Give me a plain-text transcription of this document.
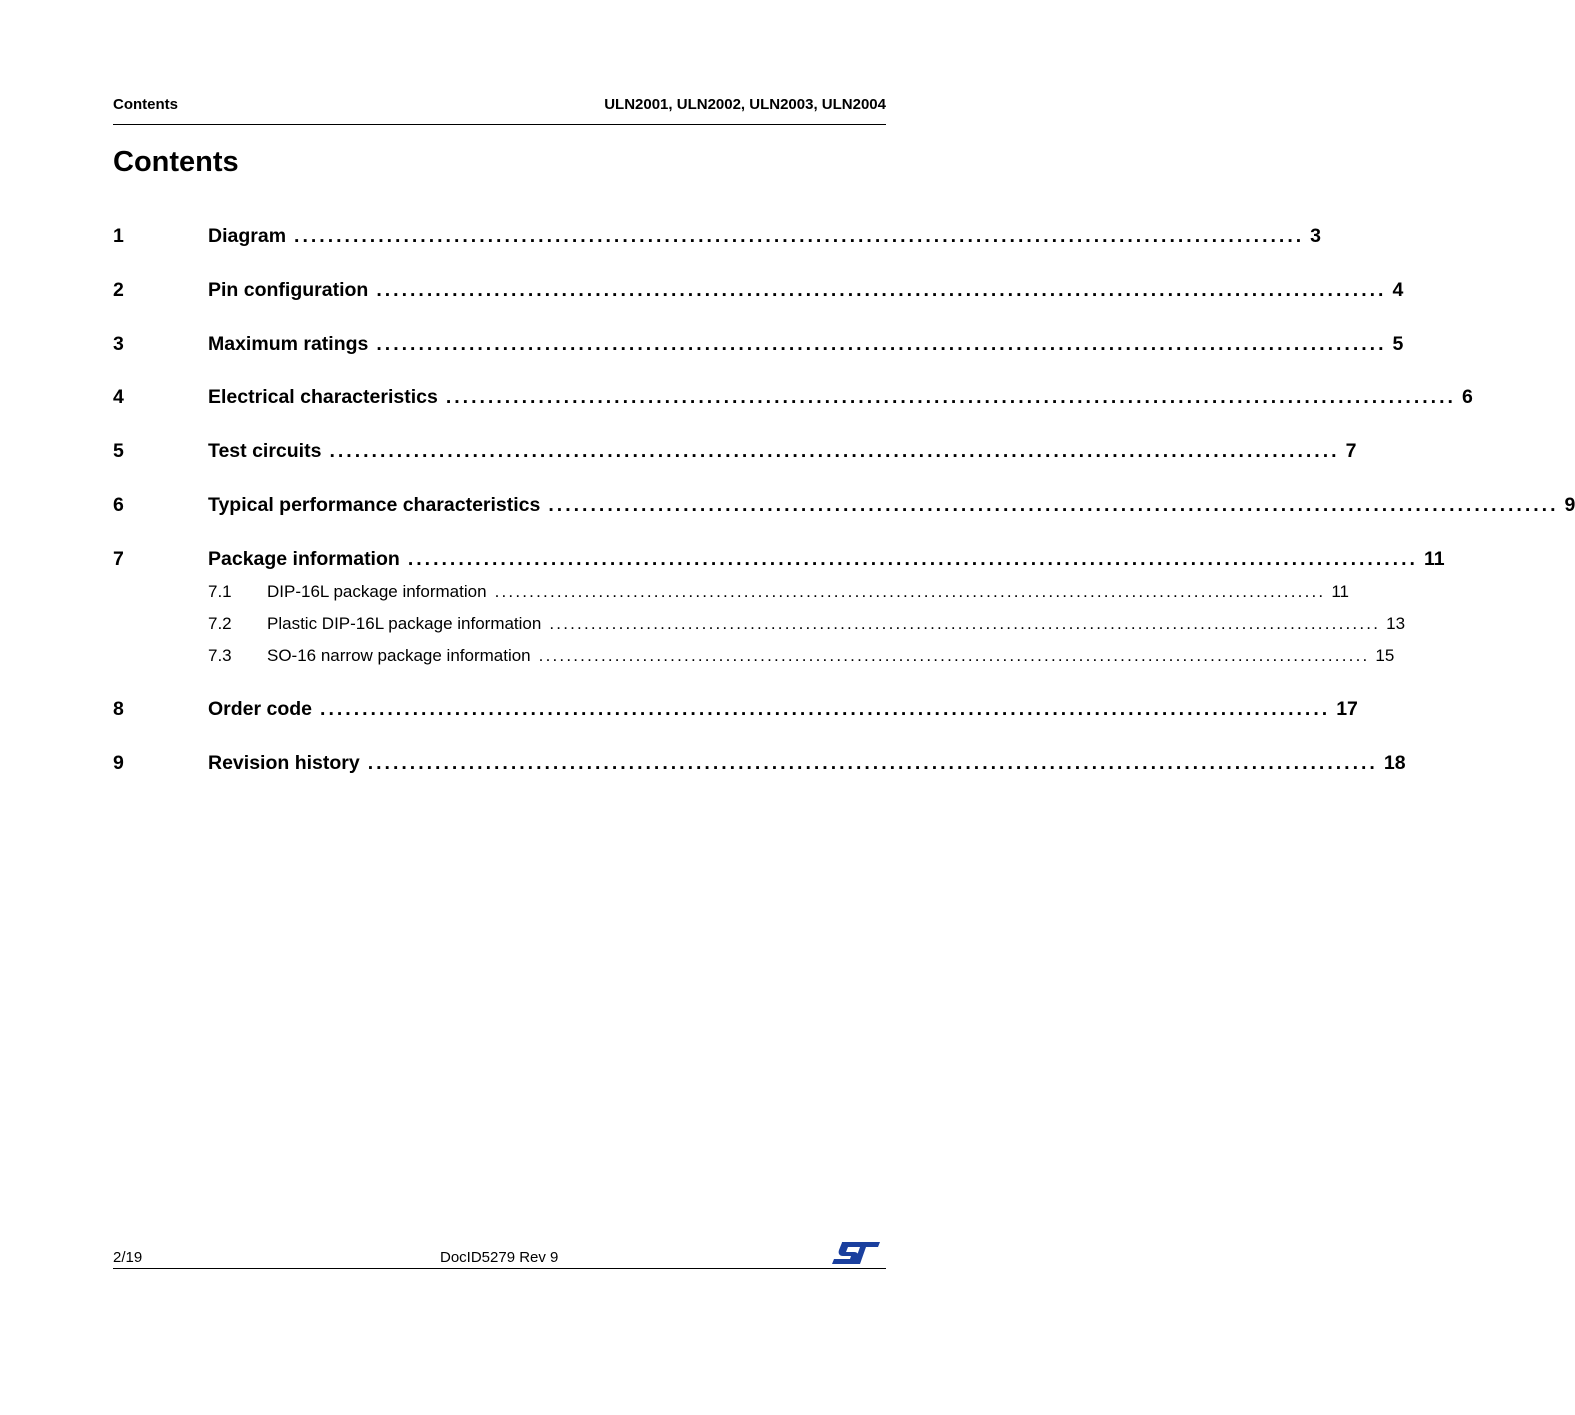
Contents	ULN2001, ULN2002, ULN2003, ULN2004
Contents
1	Diagram ........................................................................................................................ 3
2	Pin configuration ........................................................................................................................ 4
3	Maximum ratings ........................................................................................................................ 5
4	Electrical characteristics ........................................................................................................................ 6
5	Test circuits ........................................................................................................................ 7
6	Typical performance characteristics ........................................................................................................................ 9
7	Package information ........................................................................................................................ 11
7.1	DIP-16L package information ........................................................................................................................ 11
7.2	Plastic DIP-16L package information ........................................................................................................................ 13
7.3	SO-16 narrow package information ........................................................................................................................ 15
8	Order code ........................................................................................................................ 17
9	Revision history ........................................................................................................................ 18
2/19	DocID5279 Rev 9
